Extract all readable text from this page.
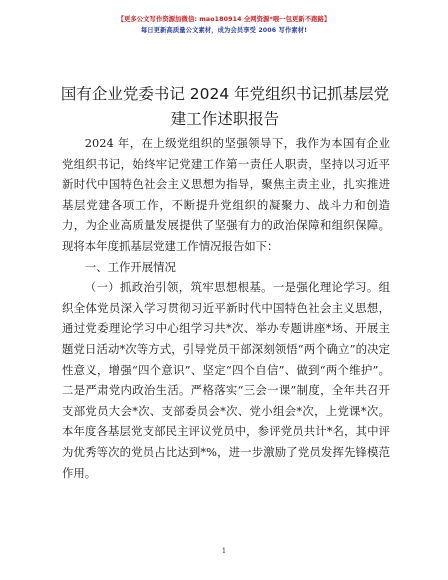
【更多公文写作资源加微信: mao180914 全网资源*喂一包更新不跑路】
每日更新高质量公文素材，成为会员享受 2006 写作素材!
国有企业党委书记 2024 年党组织书记抓基层党建工作述职报告

2024 年，在上级党组织的坚强领导下，我作为本国有企业党组织书记，始终牢记党建工作第一责任人职责，坚持以习近平新时代中国特色社会主义思想为指导，聚焦主责主业，扎实推进基层党建各项工作，不断提升党组织的凝聚力、战斗力和创造力，为企业高质量发展提供了坚强有力的政治保障和组织保障。现将本年度抓基层党建工作情况报告如下：

一、工作开展情况

（一）抓政治引领，筑牢思想根基。一是强化理论学习。组织全体党员深入学习贯彻习近平新时代中国特色社会主义思想，通过党委理论学习中心组学习共*次、举办专题讲座*场、开展主题党日活动*次等方式，引导党员干部深刻领悟“两个确立”的决定性意义，增强“四个意识”、坚定“四个自信”、做到“两个维护”。二是严肃党内政治生活。严格落实“三会一课”制度，全年共召开支部党员大会*次、支部委员会*次、党小组会*次，上党课*次。本年度各基层党支部民主评议党员中，参评党员共计*名，其中评为优秀等次的党员占比达到*%，进一步激励了党员发挥先锋模范作用。

1
